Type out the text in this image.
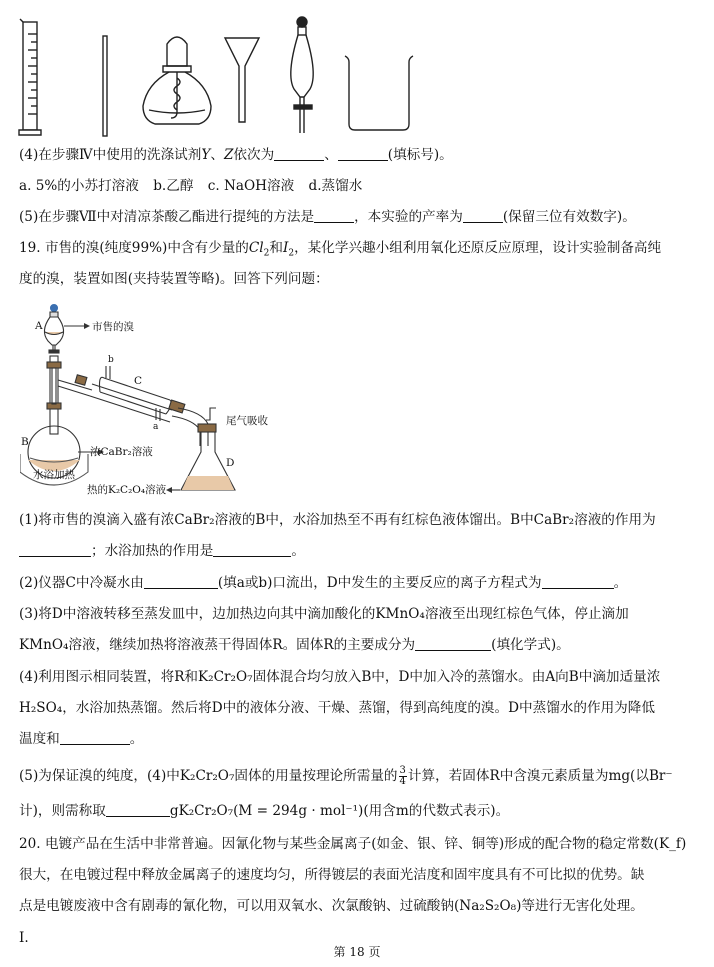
(4)在步骤Ⅳ中使用的洗涤试剂Y、Z依次为	、	(填标号)。
a. 5%的小苏打溶液 b.乙醇 c. NaOH溶液 d.蒸馏水
(5)在步骤Ⅶ中对清凉茶酸乙酯进行提纯的方法是	，本实验的产率为	(保留三位有效数字)。
19. 市售的溴(纯度99%)中含有少量的$Cl_2$和$I_2$，某化学兴趣小组利用氧化还原反应原理，设计实验制备高纯
度的溴，装置如图(夹持装置等略)。回答下列问题：
A	市售的溴
b
C
a	尾气吸收
B
浓CaBr₂溶液
水浴加热
D
热的K₂C₂O₄溶液
(1)将市售的溴滴入盛有浓CaBr₂溶液的B中，水浴加热至不再有红棕色液体馏出。B中CaBr₂溶液的作用为
；水浴加热的作用是	。
(2)仪器C中冷凝水由	(填a或b)口流出，D中发生的主要反应的离子方程式为	。
(3)将D中溶液转移至蒸发皿中，边加热边向其中滴加酸化的KMnO₄溶液至出现红棕色气体，停止滴加
KMnO₄溶液，继续加热将溶液蒸干得固体R。固体R的主要成分为	(填化学式)。
(4)利用图示相同装置，将R和K₂Cr₂O₇固体混合均匀放入B中，D中加入冷的蒸馏水。由A向B中滴加适量浓
H₂SO₄，水浴加热蒸馏。然后将D中的液体分液、干燥、蒸馏，得到高纯度的溴。D中蒸馏水的作用为降低
温度和	。
(5)为保证溴的纯度，(4)中K₂Cr₂O₇固体的用量按理论所需量的 $\frac{3}{4}$ 计算，若固体R中含溴元素质量为mg(以Br⁻
计)，则需称取	gK₂Cr₂O₇(M = 294g · mol⁻¹)(用含m的代数式表示)。
20. 电镀产品在生活中非常普遍。因氰化物与某些金属离子(如金、银、锌、铜等)形成的配合物的稳定常数(K_f)
很大，在电镀过程中释放金属离子的速度均匀，所得镀层的表面光洁度和固牢度具有不可比拟的优势。缺
点是电镀废液中含有剧毒的氰化物，可以用双氧水、次氯酸钠、过硫酸钠(Na₂S₂O₈)等进行无害化处理。
I.
第 18 页
